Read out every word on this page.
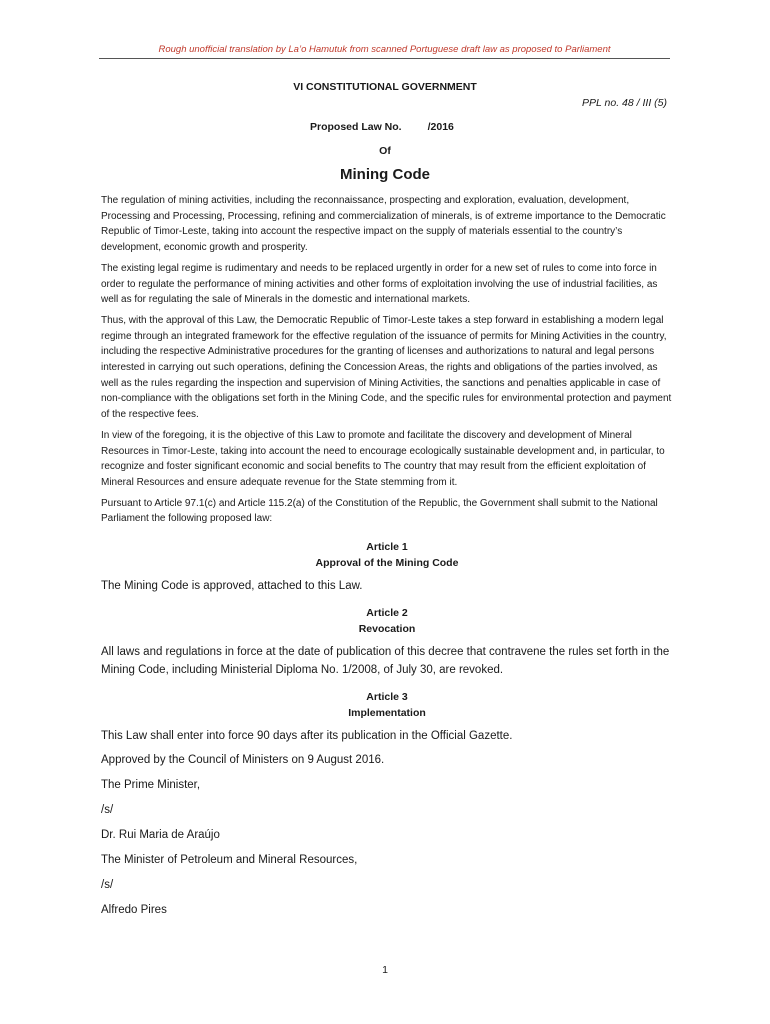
Rough unofficial translation by La’o Hamutuk from scanned Portuguese draft law as proposed to Parliament
VI CONSTITUTIONAL GOVERNMENT
PPL no. 48 / III (5)
Proposed Law No. /2016
Of
Mining Code

The regulation of mining activities, including the reconnaissance, prospecting and exploration, evaluation, development, Processing and Processing, Processing, refining and commercialization of minerals, is of extreme importance to the Democratic Republic of Timor-Leste, taking into account the respective impact on the supply of materials essential to the country’s development, economic growth and prosperity.

The existing legal regime is rudimentary and needs to be replaced urgently in order for a new set of rules to come into force in order to regulate the performance of mining activities and other forms of exploitation involving the use of industrial facilities, as well as for regulating the sale of Minerals in the domestic and international markets.

Thus, with the approval of this Law, the Democratic Republic of Timor-Leste takes a step forward in establishing a modern legal regime through an integrated framework for the effective regulation of the issuance of permits for Mining Activities in the country, including the respective Administrative procedures for the granting of licenses and authorizations to natural and legal persons interested in carrying out such operations, defining the Concession Areas, the rights and obligations of the parties involved, as well as the rules regarding the inspection and supervision of Mining Activities, the sanctions and penalties applicable in case of non-compliance with the obligations set forth in the Mining Code, and the specific rules for environmental protection and payment of the respective fees.

In view of the foregoing, it is the objective of this Law to promote and facilitate the discovery and development of Mineral Resources in Timor-Leste, taking into account the need to encourage ecologically sustainable development and, in particular, to recognize and foster significant economic and social benefits to The country that may result from the efficient exploitation of Mineral Resources and ensure adequate revenue for the State stemming from it.

Pursuant to Article 97.1(c) and Article 115.2(a) of the Constitution of the Republic, the Government shall submit to the National Parliament the following proposed law:

Article 1
Approval of the Mining Code

The Mining Code is approved, attached to this Law.

Article 2
Revocation

All laws and regulations in force at the date of publication of this decree that contravene the rules set forth in the Mining Code, including Ministerial Diploma No. 1/2008, of July 30, are revoked.

Article 3
Implementation

This Law shall enter into force 90 days after its publication in the Official Gazette.

Approved by the Council of Ministers on 9 August 2016.

The Prime Minister,

/s/

Dr. Rui Maria de Araújo

The Minister of Petroleum and Mineral Resources,

/s/

Alfredo Pires

1
